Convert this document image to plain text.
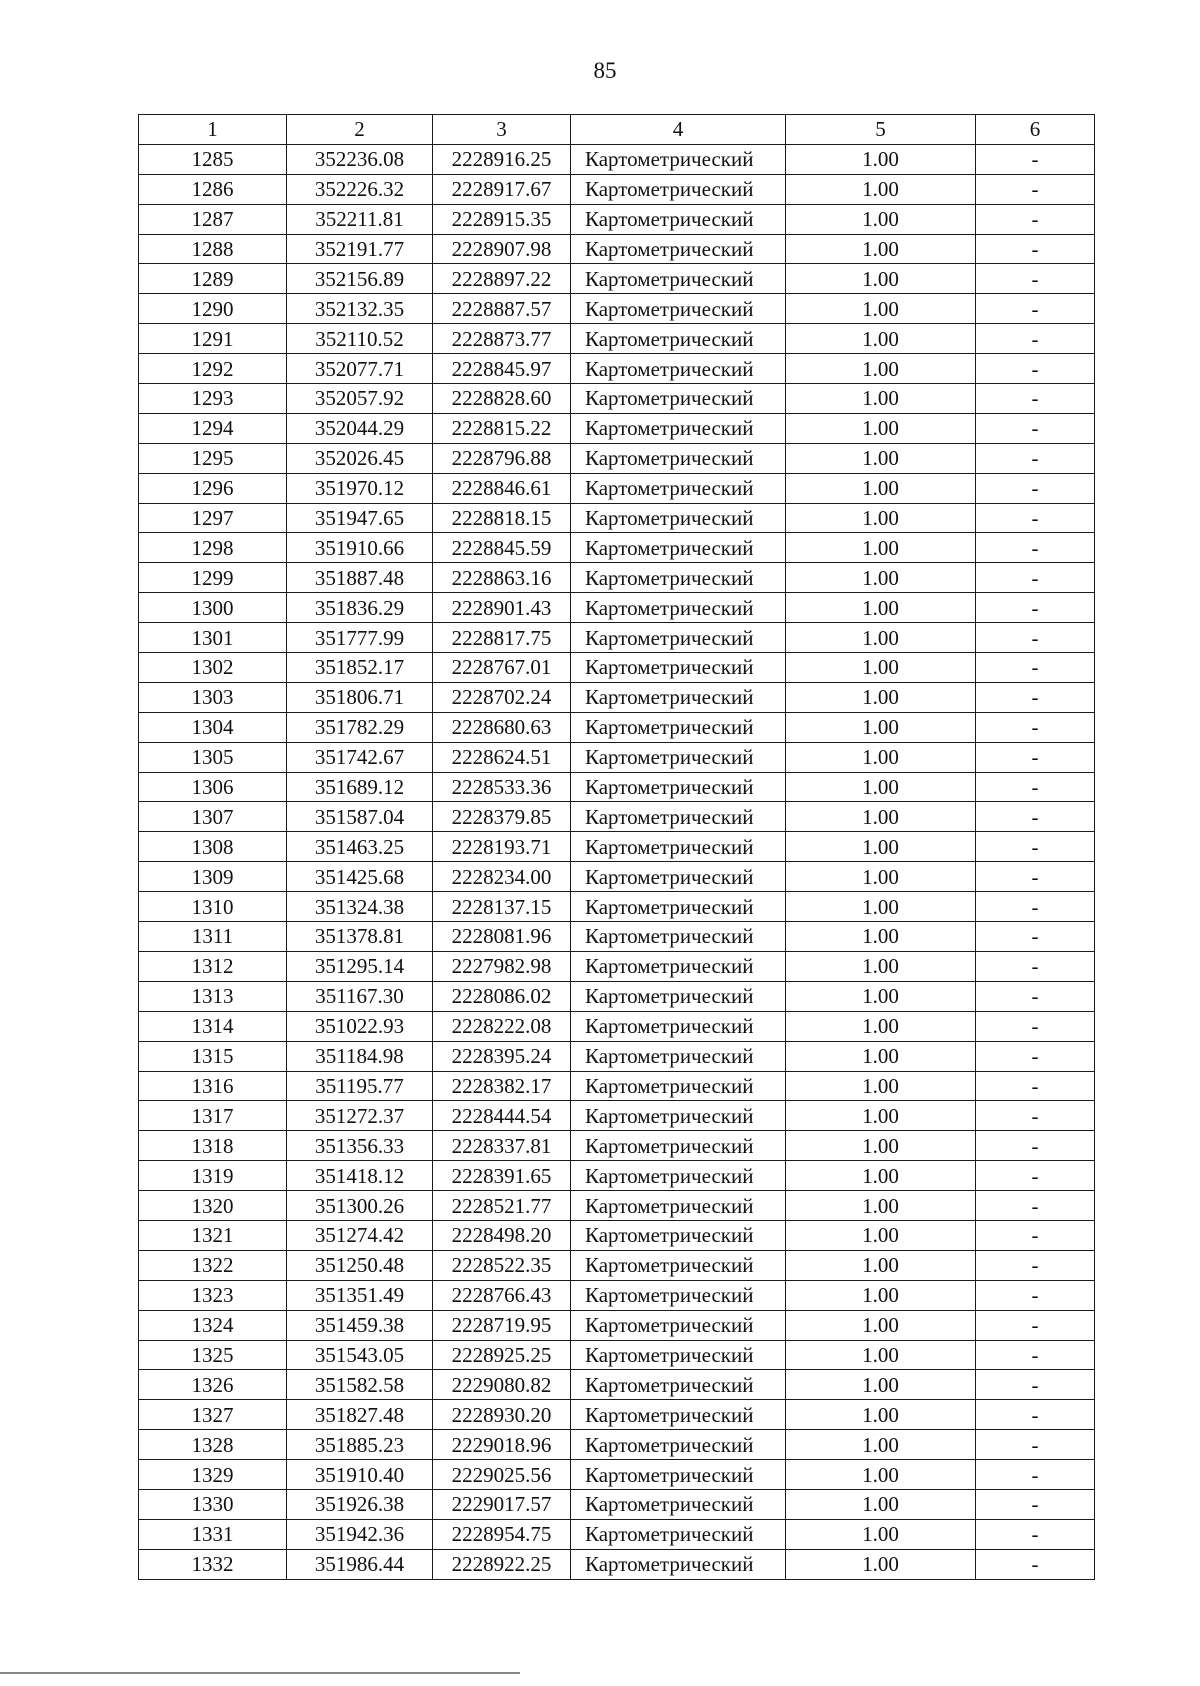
85
1	2	3	4	5	6
1285	352236.08	2228916.25	Картометрический	1.00	-
1286	352226.32	2228917.67	Картометрический	1.00	-
1287	352211.81	2228915.35	Картометрический	1.00	-
1288	352191.77	2228907.98	Картометрический	1.00	-
1289	352156.89	2228897.22	Картометрический	1.00	-
1290	352132.35	2228887.57	Картометрический	1.00	-
1291	352110.52	2228873.77	Картометрический	1.00	-
1292	352077.71	2228845.97	Картометрический	1.00	-
1293	352057.92	2228828.60	Картометрический	1.00	-
1294	352044.29	2228815.22	Картометрический	1.00	-
1295	352026.45	2228796.88	Картометрический	1.00	-
1296	351970.12	2228846.61	Картометрический	1.00	-
1297	351947.65	2228818.15	Картометрический	1.00	-
1298	351910.66	2228845.59	Картометрический	1.00	-
1299	351887.48	2228863.16	Картометрический	1.00	-
1300	351836.29	2228901.43	Картометрический	1.00	-
1301	351777.99	2228817.75	Картометрический	1.00	-
1302	351852.17	2228767.01	Картометрический	1.00	-
1303	351806.71	2228702.24	Картометрический	1.00	-
1304	351782.29	2228680.63	Картометрический	1.00	-
1305	351742.67	2228624.51	Картометрический	1.00	-
1306	351689.12	2228533.36	Картометрический	1.00	-
1307	351587.04	2228379.85	Картометрический	1.00	-
1308	351463.25	2228193.71	Картометрический	1.00	-
1309	351425.68	2228234.00	Картометрический	1.00	-
1310	351324.38	2228137.15	Картометрический	1.00	-
1311	351378.81	2228081.96	Картометрический	1.00	-
1312	351295.14	2227982.98	Картометрический	1.00	-
1313	351167.30	2228086.02	Картометрический	1.00	-
1314	351022.93	2228222.08	Картометрический	1.00	-
1315	351184.98	2228395.24	Картометрический	1.00	-
1316	351195.77	2228382.17	Картометрический	1.00	-
1317	351272.37	2228444.54	Картометрический	1.00	-
1318	351356.33	2228337.81	Картометрический	1.00	-
1319	351418.12	2228391.65	Картометрический	1.00	-
1320	351300.26	2228521.77	Картометрический	1.00	-
1321	351274.42	2228498.20	Картометрический	1.00	-
1322	351250.48	2228522.35	Картометрический	1.00	-
1323	351351.49	2228766.43	Картометрический	1.00	-
1324	351459.38	2228719.95	Картометрический	1.00	-
1325	351543.05	2228925.25	Картометрический	1.00	-
1326	351582.58	2229080.82	Картометрический	1.00	-
1327	351827.48	2228930.20	Картометрический	1.00	-
1328	351885.23	2229018.96	Картометрический	1.00	-
1329	351910.40	2229025.56	Картометрический	1.00	-
1330	351926.38	2229017.57	Картометрический	1.00	-
1331	351942.36	2228954.75	Картометрический	1.00	-
1332	351986.44	2228922.25	Картометрический	1.00	-
